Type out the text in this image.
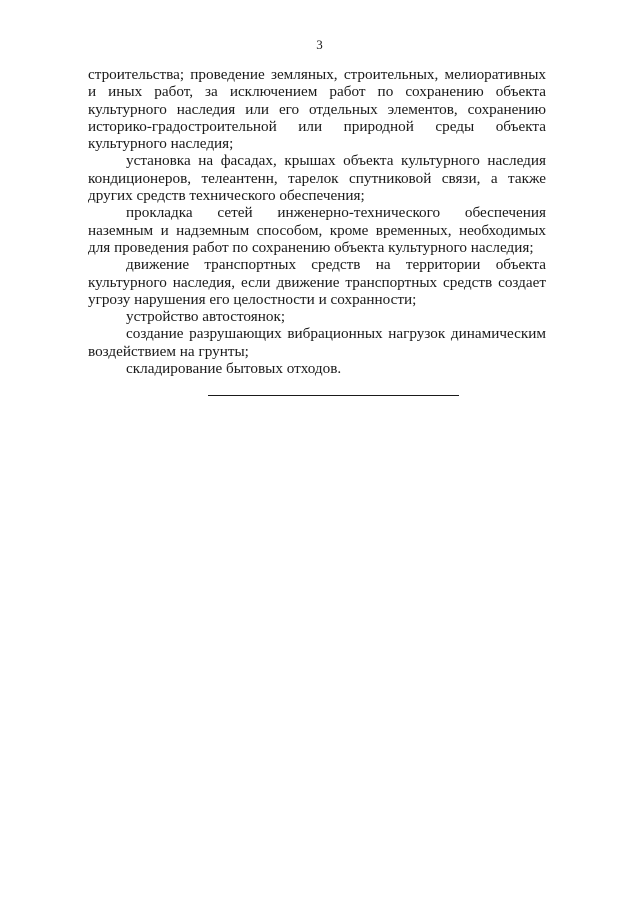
3

строительства; проведение земляных, строительных, мелиоративных и иных работ, за исключением работ по сохранению объекта культурного наследия или его отдельных элементов, сохранению историко-градостроительной или природной среды объекта культурного наследия;

установка на фасадах, крышах объекта культурного наследия кондиционеров, телеантенн, тарелок спутниковой связи, а также других средств технического обеспечения;

прокладка сетей инженерно-технического обеспечения наземным и надземным способом, кроме временных, необходимых для проведения работ по сохранению объекта культурного наследия;

движение транспортных средств на территории объекта культурного наследия, если движение транспортных средств создает угрозу нарушения его целостности и сохранности;

устройство автостоянок;

создание разрушающих вибрационных нагрузок динамическим воздействием на грунты;

складирование бытовых отходов.
